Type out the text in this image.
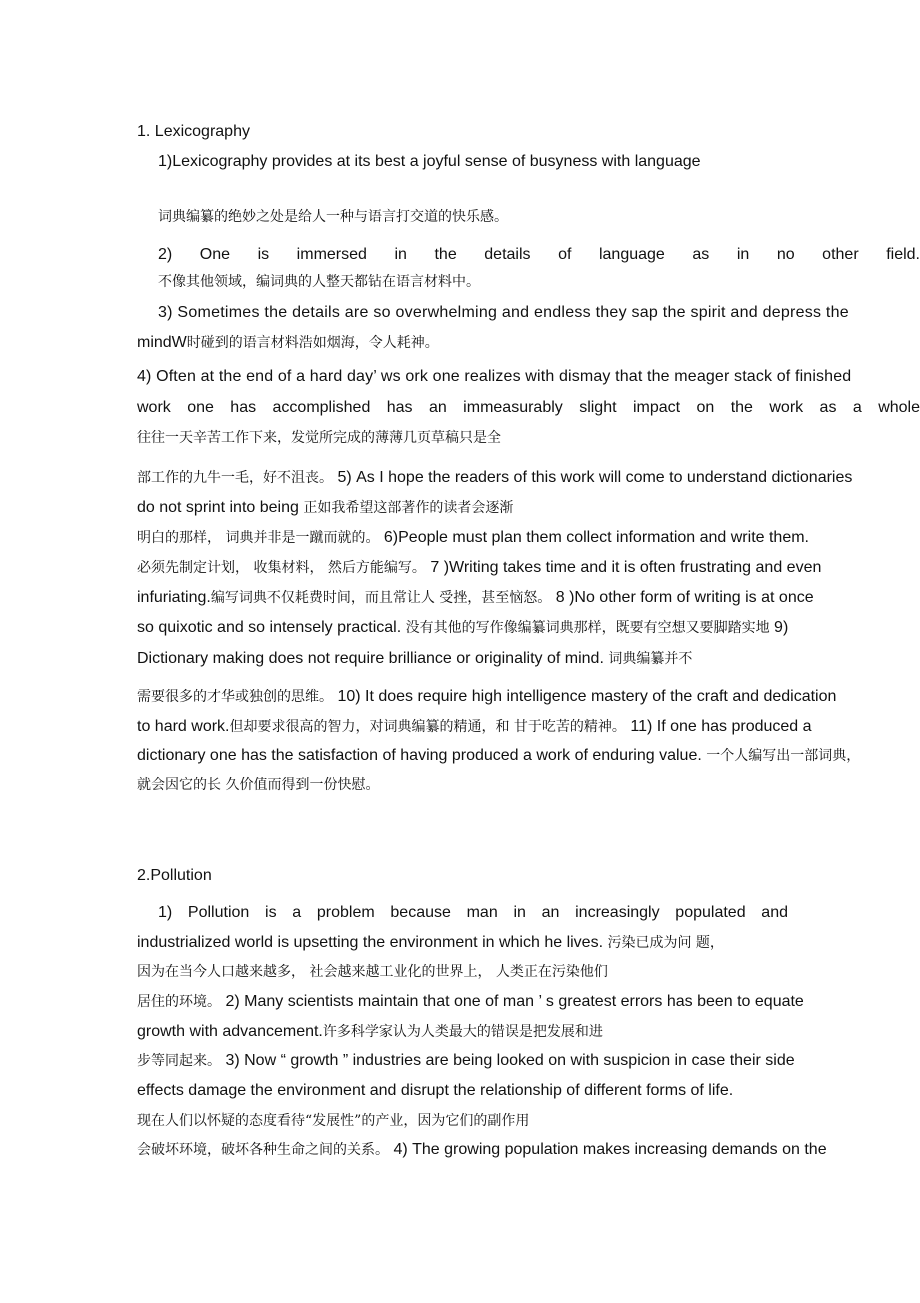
1. Lexicography
1)Lexicography provides at its best a joyful sense of busyness with language
词典编纂的绝妙之处是给人一种与语言打交道的快乐感。
2) One is immersed in the details of language as in no other field.
不像其他领域，编词典的人整天都钻在语言材料中。
3) Sometimes the details are so overwhelming and endless they sap the spirit and depress the
mindW时碰到的语言材料浩如烟海，令人耗神。
4) Often at the end of a hard day’ ws ork one realizes with dismay that the meager stack of finished
work one has accomplished has an immeasurably slight impact on the work as a whole
往往一天辛苦工作下来，发觉所完成的薄薄几页草稿只是全
部工作的九牛一毛，好不沮丧。 5) As I hope the readers of this work will come to understand dictionaries
do not sprint into being 正如我希望这部著作的读者会逐渐
明白的那样， 词典并非是一蹴而就的。 6)People must plan them collect information and write them.
必须先制定计划， 收集材料， 然后方能编写。 7 )Writing takes time and it is often frustrating and even
infuriating.编写词典不仅耗费时间，而且常让人 受挫，甚至恼怒。 8 )No other form of writing is at once
so quixotic and so intensely practical. 没有其他的写作像编纂词典那样，既要有空想又要脚踏实地 9)
Dictionary making does not require brilliance or originality of mind. 词典编纂并不
需要很多的才华或独创的思维。 10) It does require high intelligence mastery of the craft and dedication
to hard work.但却要求很高的智力，对词典编纂的精通，和 甘于吃苦的精神。 11) If one has produced a
dictionary one has the satisfaction of having produced a work of enduring value. 一个人编写出一部词典，
就会因它的长 久价值而得到一份快慰。
2.Pollution
1) Pollution is a problem because man in an increasingly populated and
industrialized world is upsetting the environment in which he lives. 污染已成为问 题，
因为在当今人口越来越多， 社会越来越工业化的世界上， 人类正在污染他们
居住的环境。 2) Many scientists maintain that one of man ’ s greatest errors has been to equate
growth with advancement.许多科学家认为人类最大的错误是把发展和进
步等同起来。 3) Now “ growth ” industries are being looked on with suspicion in case their side
effects damage the environment and disrupt the relationship of different forms of life.
现在人们以怀疑的态度看待“发展性”的产业，因为它们的副作用
会破坏环境，破坏各种生命之间的关系。 4) The growing population makes increasing demands on the
